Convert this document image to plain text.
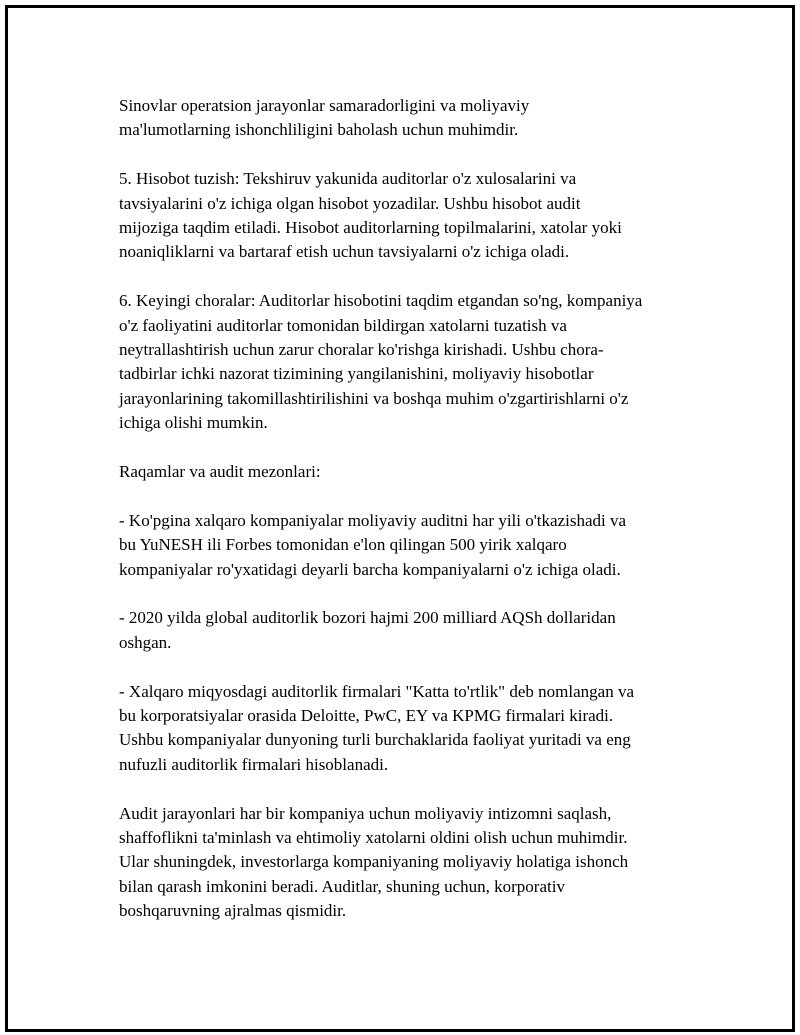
Sinovlar operatsion jarayonlar samaradorligini va moliyaviy
ma'lumotlarning ishonchliligini baholash uchun muhimdir.

5. Hisobot tuzish: Tekshiruv yakunida auditorlar o'z xulosalarini va
tavsiyalarini o'z ichiga olgan hisobot yozadilar. Ushbu hisobot audit
mijoziga taqdim etiladi. Hisobot auditorlarning topilmalarini, xatolar yoki
noaniqliklarni va bartaraf etish uchun tavsiyalarni o'z ichiga oladi.

6. Keyingi choralar: Auditorlar hisobotini taqdim etgandan so'ng, kompaniya
o'z faoliyatini auditorlar tomonidan bildirgan xatolarni tuzatish va
neytrallashtirish uchun zarur choralar ko'rishga kirishadi. Ushbu chora-
tadbirlar ichki nazorat tizimining yangilanishini, moliyaviy hisobotlar
jarayonlarining takomillashtirilishini va boshqa muhim o'zgartirishlarni o'z
ichiga olishi mumkin.

Raqamlar va audit mezonlari:

- Ko'pgina xalqaro kompaniyalar moliyaviy auditni har yili o'tkazishadi va
bu YuNESH ili Forbes tomonidan e'lon qilingan 500 yirik xalqaro
kompaniyalar ro'yxatidagi deyarli barcha kompaniyalarni o'z ichiga oladi.

- 2020 yilda global auditorlik bozori hajmi 200 milliard AQSh dollaridan
oshgan.

- Xalqaro miqyosdagi auditorlik firmalari "Katta to'rtlik" deb nomlangan va
bu korporatsiyalar orasida Deloitte, PwC, EY va KPMG firmalari kiradi.
Ushbu kompaniyalar dunyoning turli burchaklarida faoliyat yuritadi va eng
nufuzli auditorlik firmalari hisoblanadi.

Audit jarayonlari har bir kompaniya uchun moliyaviy intizomni saqlash,
shaffoflikni ta'minlash va ehtimoliy xatolarni oldini olish uchun muhimdir.
Ular shuningdek, investorlarga kompaniyaning moliyaviy holatiga ishonch
bilan qarash imkonini beradi. Auditlar, shuning uchun, korporativ
boshqaruvning ajralmas qismidir.
